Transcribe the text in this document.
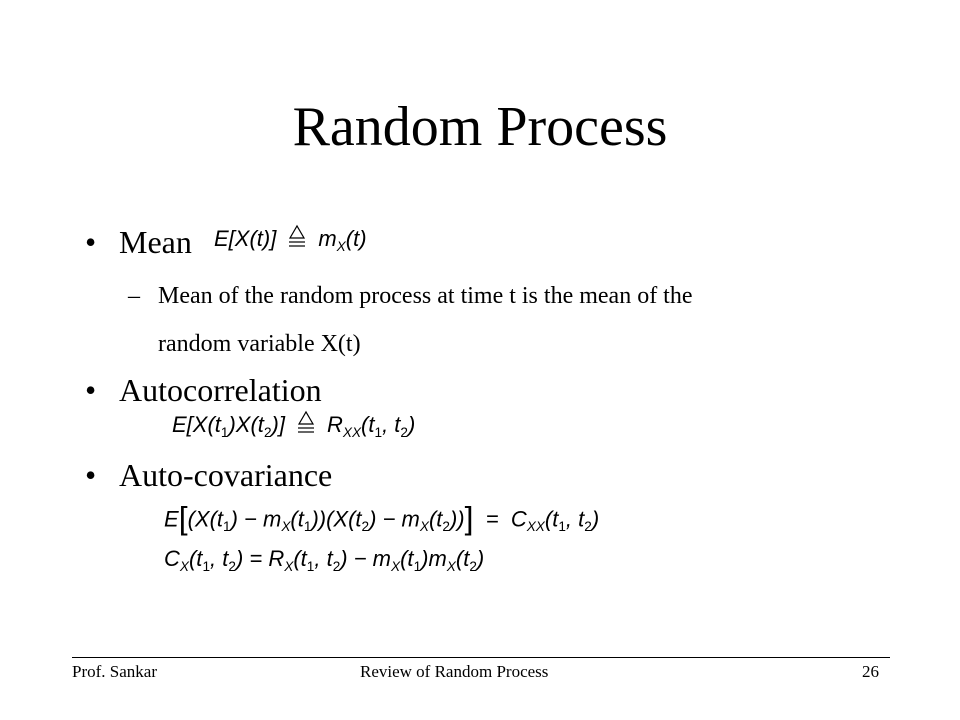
Random Process
• Mean E[X(t)] $m_X(t)$
– Mean of the random process at time t is the mean of the
random variable X(t)
• Autocorrelation
$E[X(t_1)X(t_2)]$ $R_{XX}(t_1$, $t_2$)
• Auto-covariance
$E[(X(t_1) - m_X(t_1))(X(t_2) - m_X(t_2))] = C_{XX}(t_1$, $t_2$)
$C_X(t_1$, $t_2) = R_X(t_1$, $t_2) - m_X(t_1)m_X(t_2)$
Prof. Sankar	Review of Random Process	26
